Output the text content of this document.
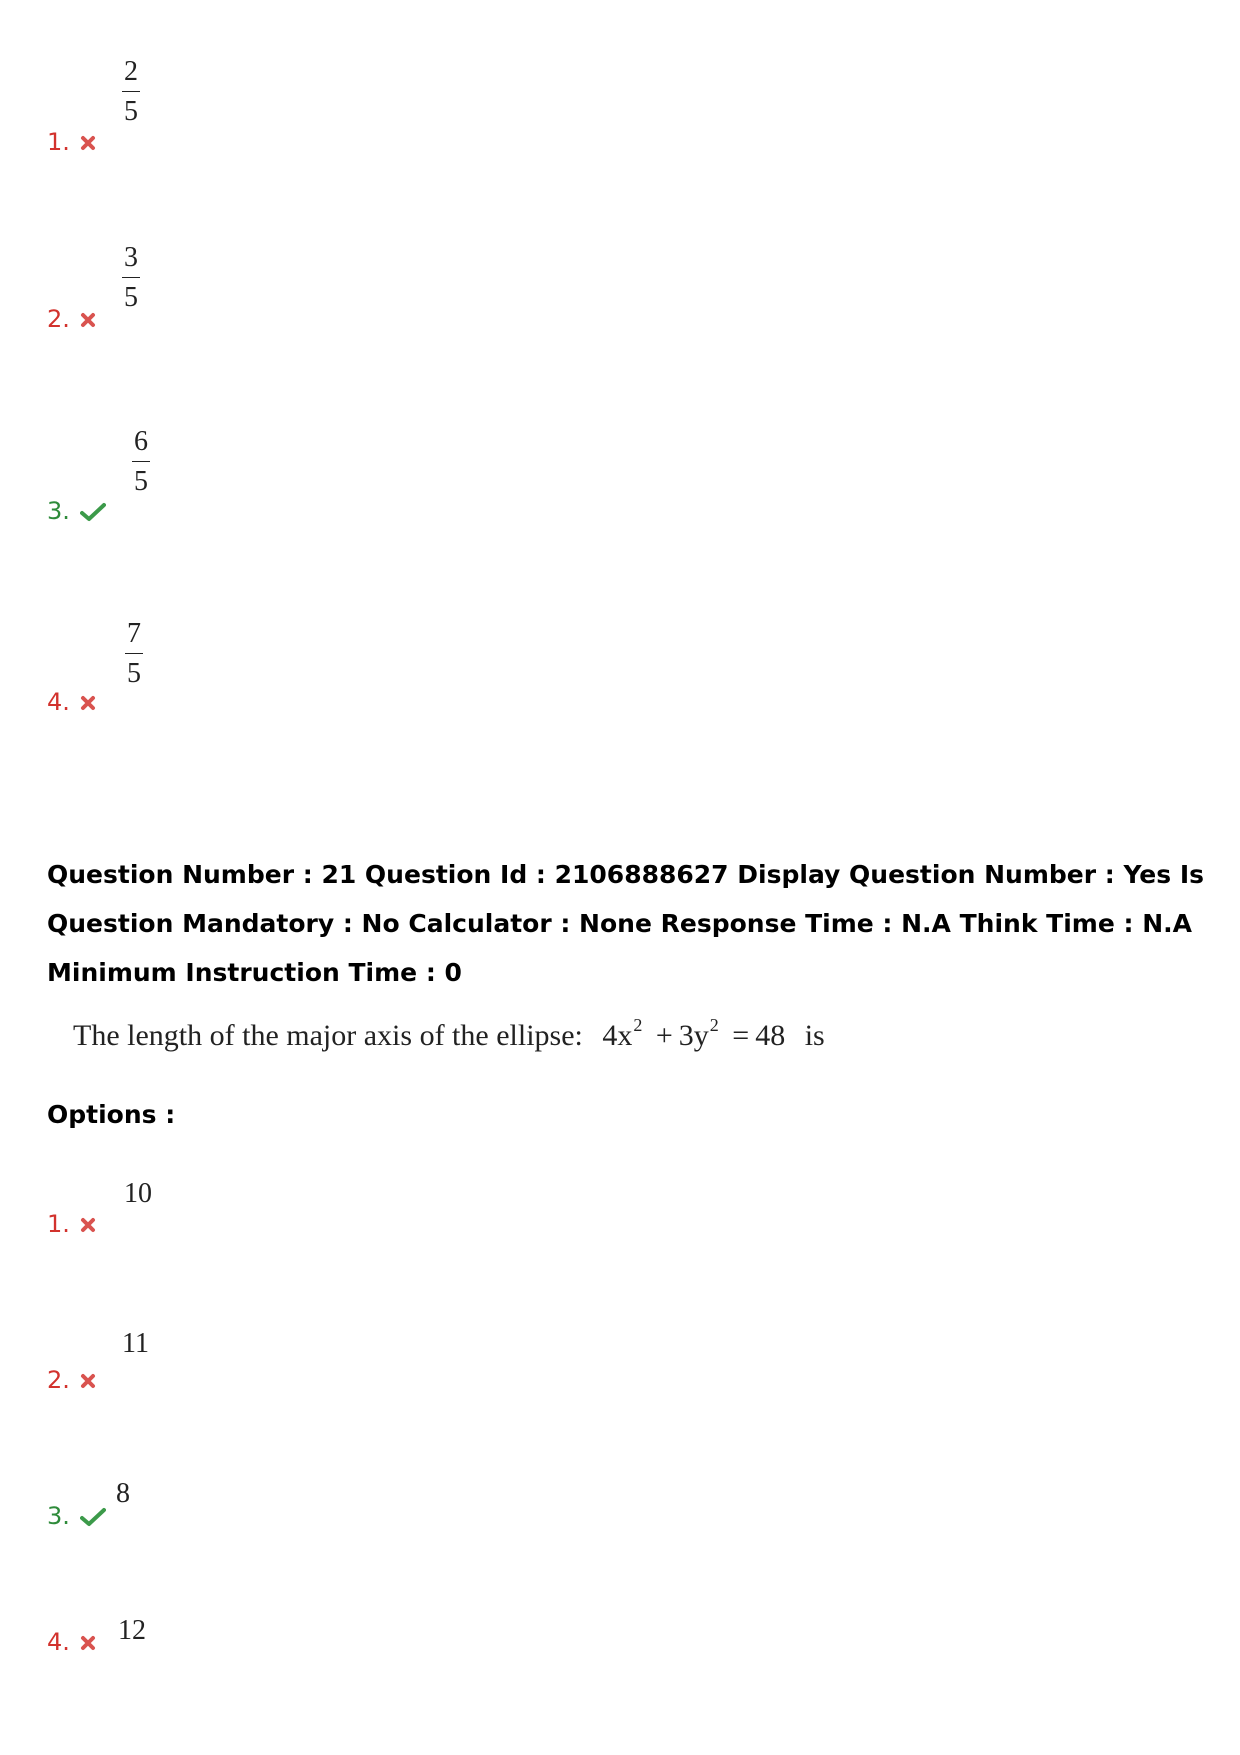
1.
2
5
2.
3
5
3.
6
5
4.
7
5
Question Number : 21 Question Id : 2106888627 Display Question Number : Yes Is Question Mandatory : No Calculator : None Response Time : N.A Think Time : N.A Minimum Instruction Time : 0
The length of the major axis of the ellipse: $4x^2 + 3y^2 = 48$ is
Options :
1.
10
2.
11
3.
8
4.	12
